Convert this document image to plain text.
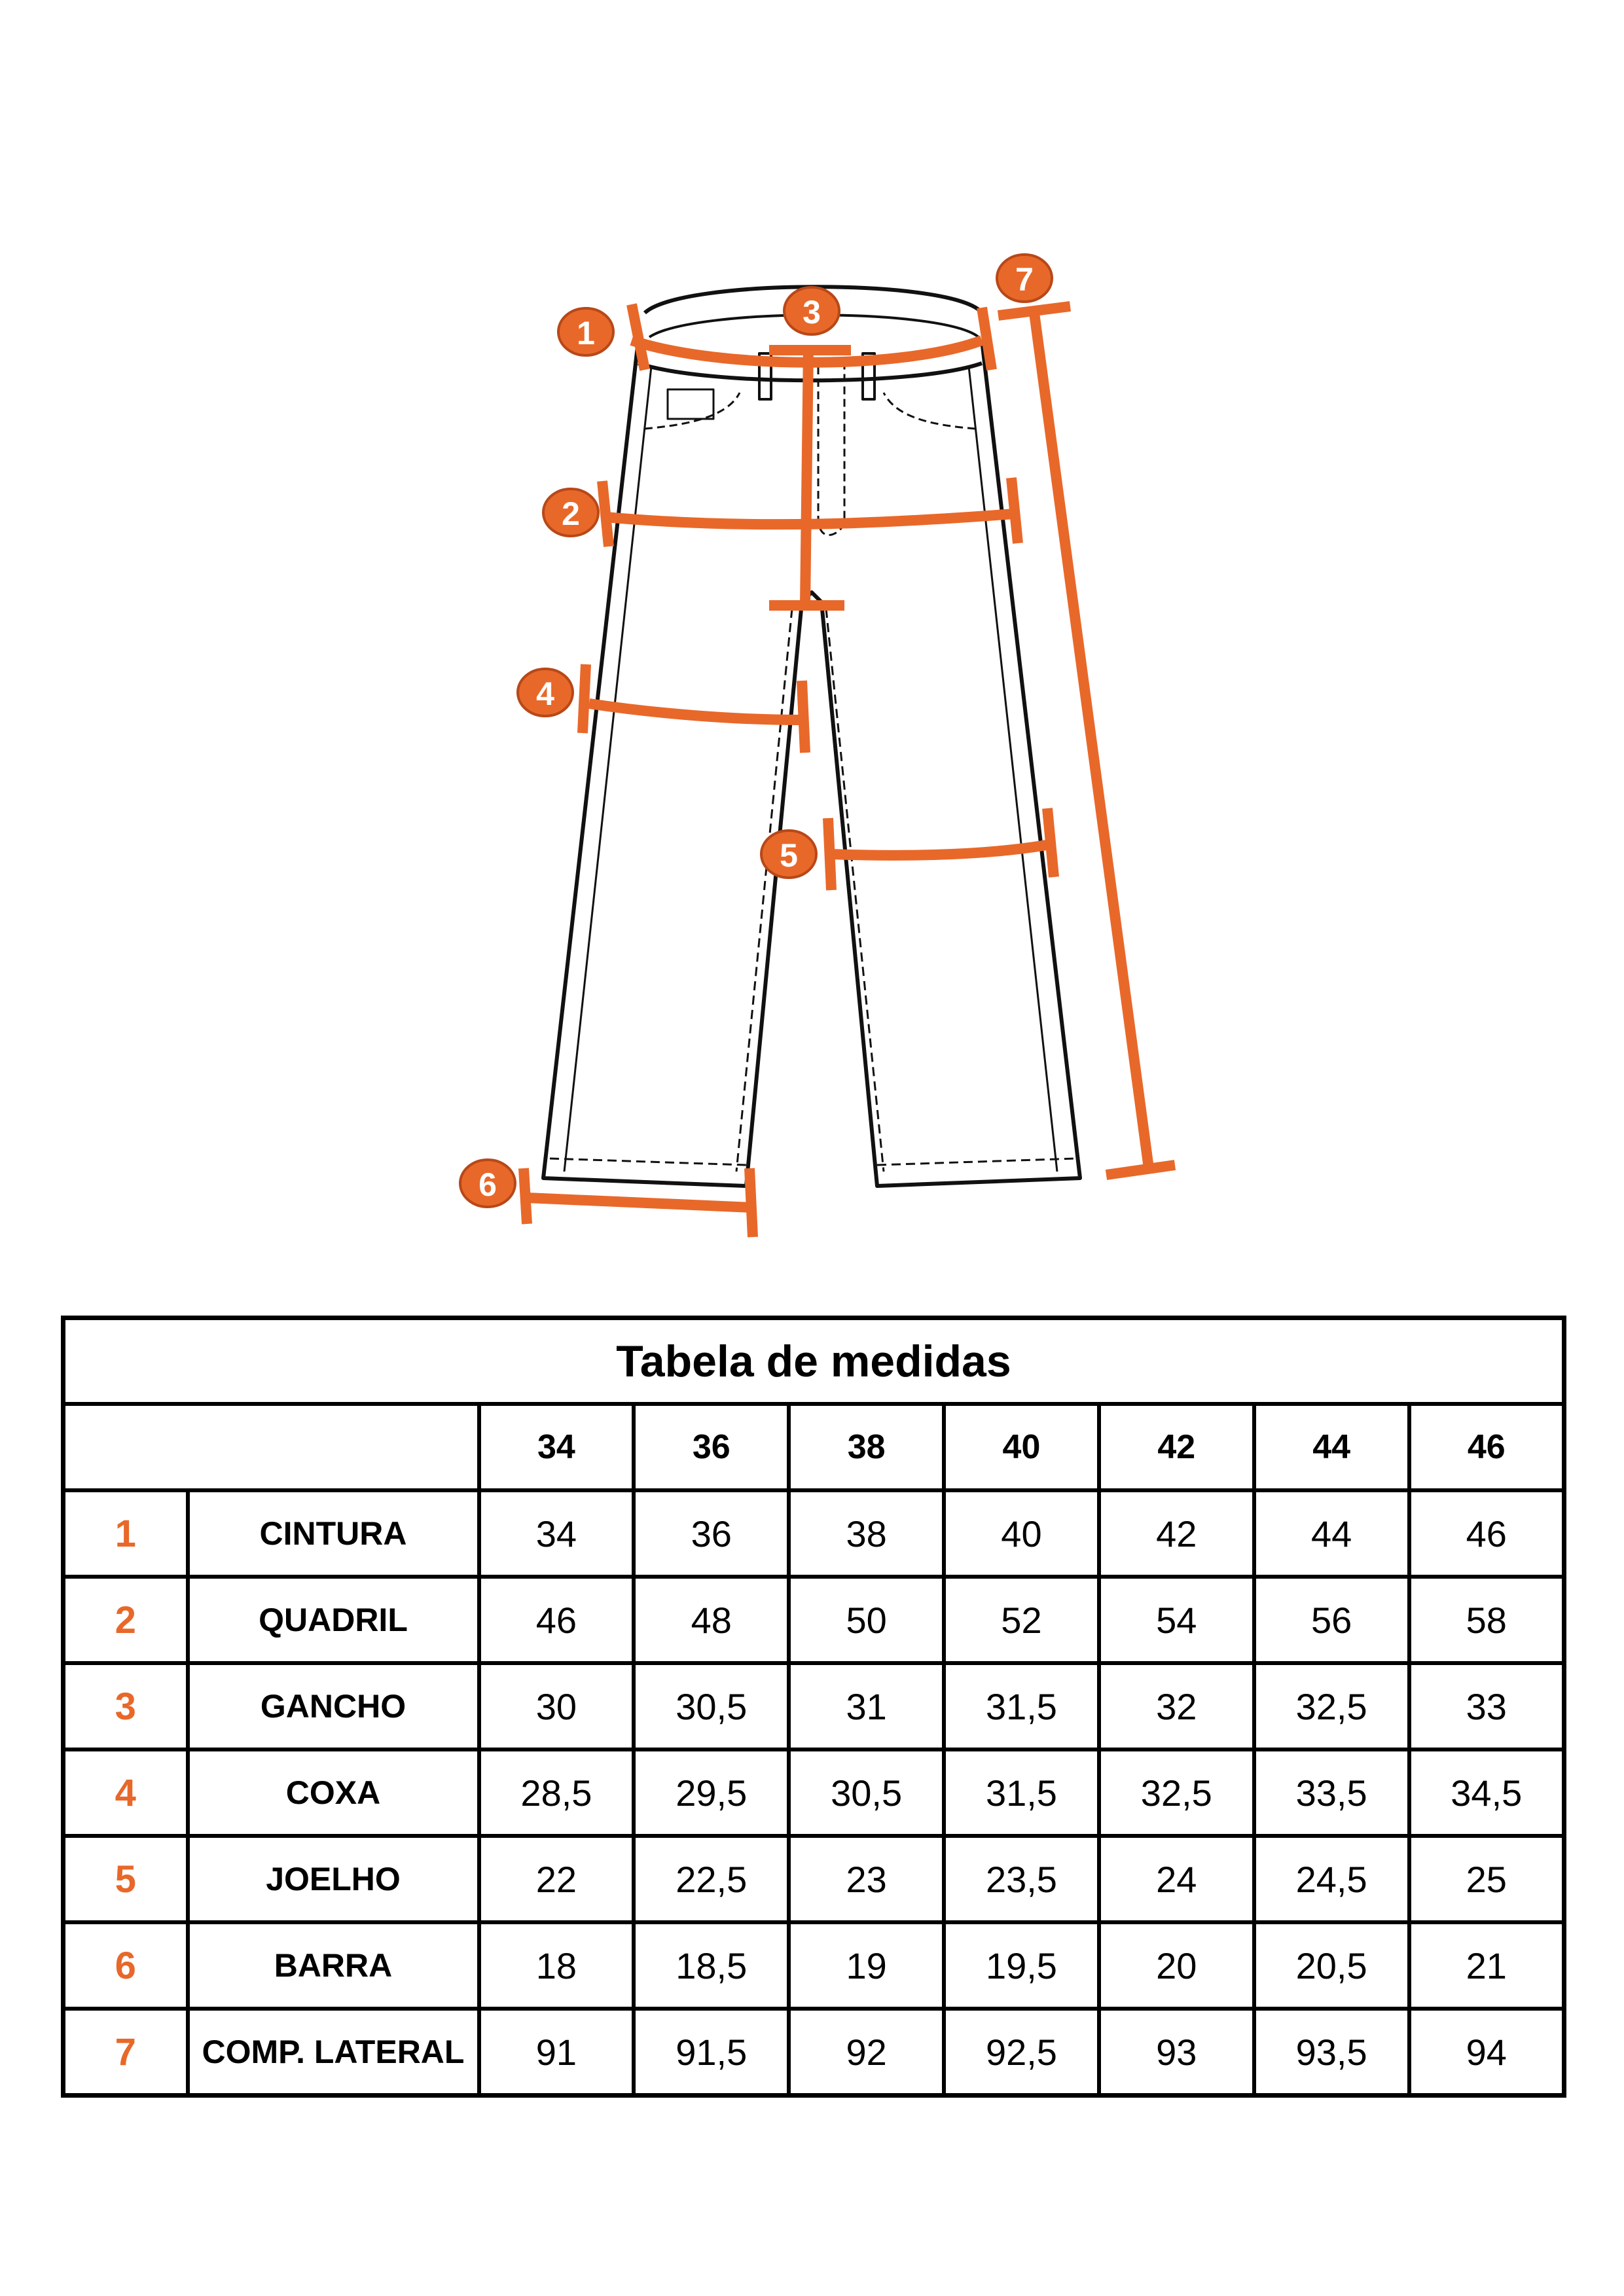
1
2
3
4
5
6
7
Tabela de medidas								
		34	36	38	40	42	44	46
1	CINTURA	34	36	38	40	42	44	46
2	QUADRIL	46	48	50	52	54	56	58
3	GANCHO	30	30,5	31	31,5	32	32,5	33
4	COXA	28,5	29,5	30,5	31,5	32,5	33,5	34,5
5	JOELHO	22	22,5	23	23,5	24	24,5	25
6	BARRA	18	18,5	19	19,5	20	20,5	21
7	COMP. LATERAL	91	91,5	92	92,5	93	93,5	94
